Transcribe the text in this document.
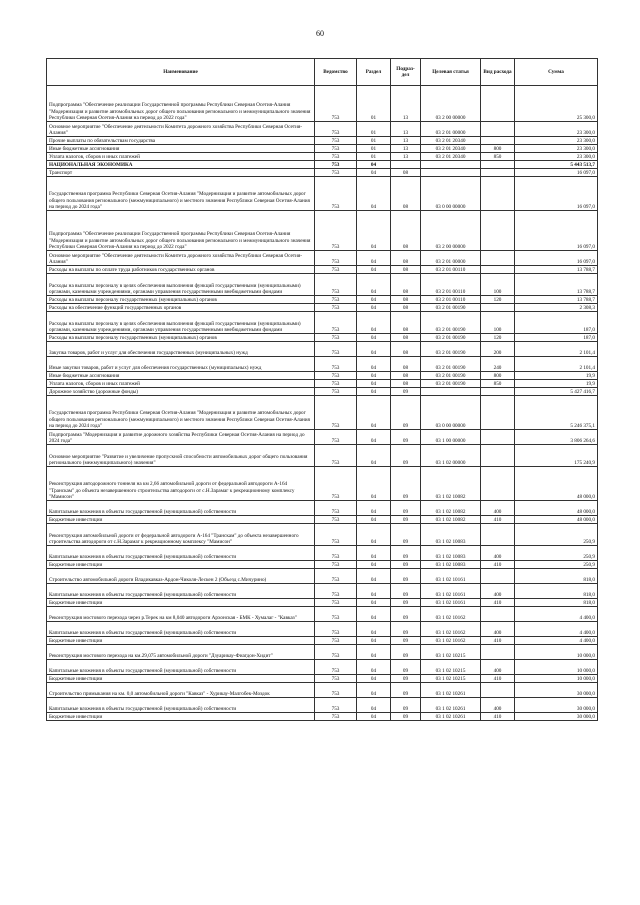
60
Наименование	Ведомство	Раздел	Подраз-дел	Целевая статья	Вид расхода	Сумма
Подпрограмма "Обеспечение реализации Государственной программы Республики Северная Осетия-Алания "Модернизация и развитие автомобильных дорог общего пользования регионального и межмуниципального значения Республики Северная Осетия-Алания на период до 2022 года"	753	01	13	03 2 00 00000		25 300,0
Основное мероприятие "Обеспечение деятельности Комитета дорожного хозяйства Республики Северная Осетия-Алания"	753	01	13	03 2 01 00000		23 300,0
Прочие выплаты по обязательствам государства	753	01	13	03 2 01 20340		23 300,0
Иные бюджетные ассигнования	753	01	13	03 2 01 20340	800	23 300,0
Уплата налогов, сборов и иных платежей	753	01	13	03 2 01 20340	850	23 300,0
НАЦИОНАЛЬНАЯ ЭКОНОМИКА	753	04				5 443 513,7
Транспорт	753	04	08			16 097,0
Государственная программа Республики Северная Осетия-Алания "Модернизация и развитие автомобильных дорог общего пользования регионального (межмуниципального) и местного значения Республики Северная Осетия-Алания на период до 2024 года"	753	04	08	03 0 00 00000		16 097,0
Подпрограмма "Обеспечение реализации Государственной программы Республики Северная Осетия-Алания "Модернизация и развитие автомобильных дорог общего пользования регионального и межмуниципального значения Республики Северная Осетия-Алания на период до 2022 года"	753	04	08	03 2 00 00000		16 097,0
Основное мероприятие "Обеспечение деятельности Комитета дорожного хозяйства Республики Северная Осетия-Алания"	753	04	08	03 2 01 00000		16 097,0
Расходы на выплаты по оплате труда работников государственных органов	753	04	08	03 2 01 00110		13 788,7
Расходы на выплаты персоналу в целях обеспечения выполнения функций государственными (муниципальными) органами, казенными учреждениями, органами управления государственными внебюджетными фондами	753	04	08	03 2 01 00110	100	13 788,7
Расходы на выплаты персоналу государственных (муниципальных) органов	753	04	08	03 2 01 00110	120	13 788,7
Расходы на обеспечение функций государственных органов	753	04	08	03 2 01 00190		2 308,3
Расходы на выплаты персоналу в целях обеспечения выполнения функций государственными (муниципальными) органами, казенными учреждениями, органами управления государственными внебюджетными фондами	753	04	08	03 2 01 00190	100	187,0
Расходы на выплаты персоналу государственных (муниципальных) органов	753	04	08	03 2 01 00190	120	187,0
Закупка товаров, работ и услуг для обеспечения государственных (муниципальных) нужд	753	04	08	03 2 01 00190	200	2 101,4
Иные закупки товаров, работ и услуг для обеспечения государственных (муниципальных) нужд	753	04	08	03 2 01 00190	240	2 101,4
Иные бюджетные ассигнования	753	04	08	03 2 01 00190	800	19,9
Уплата налогов, сборов и иных платежей	753	04	08	03 2 01 00190	850	19,9
Дорожное хозяйство (дорожные фонды)	753	04	09			5 427 416,7
Государственная программа Республики Северная Осетия-Алания "Модернизация и развитие автомобильных дорог общего пользования регионального (межмуниципального) и местного значения Республики Северная Осетия-Алания на период до 2024 года"	753	04	09	03 0 00 00000		5 246 375,1
Подпрограмма "Модернизация и развитие дорожного хозяйства Республики Северная Осетия-Алания на период до 2024 года"	753	04	09	03 1 00 00000		3 806 264,6
Основное мероприятие "Развитие и увеличение пропускной способности автомобильных дорог общего пользования регионального (межмуниципального) значения"	753	04	09	03 1 02 00000		175 240,9
Реконструкция автодорожного тоннеля на км 2,66 автомобильной дороги от федеральной автодороги А-164 "Транскам" до объекта незавершенного строительства автодороги от с.Н.Зарамаг к рекреационному комплексу "Мамисон"	753	04	09	03 1 02 10082		48 000,0
Капитальные вложения в объекты государственной (муниципальной) собственности	753	04	09	03 1 02 10082	400	48 000,0
Бюджетные инвестиции	753	04	09	03 1 02 10082	410	48 000,0
Реконструкция автомобильной дороги от федеральной автодороги А-164 "Транскам" до объекта незавершенного строительства автодороги от с.Н.Зарамаг к рекреационному комплексу "Мамисон"	753	04	09	03 1 02 10083		250,9
Капитальные вложения в объекты государственной (муниципальной) собственности	753	04	09	03 1 02 10083	400	250,9
Бюджетные инвестиции	753	04	09	03 1 02 10083	410	250,9
Строительство автомобильной дороги Владикавказ-Ардон-Чиколя-Лескен 2 (Объезд с.Мичурино)	753	04	09	03 1 02 10161		818,0
Капитальные вложения в объекты государственной (муниципальной) собственности	753	04	09	03 1 02 10161	400	818,0
Бюджетные инвестиции	753	04	09	03 1 02 10161	410	818,0
Реконструкция мостового перехода через р.Терек на км 8,040 автодороги Архонская - БМК - Хумалаг - "Кавказ"	753	04	09	03 1 02 10162		4 400,0
Капитальные вложения в объекты государственной (муниципальной) собственности	753	04	09	03 1 02 10162	400	4 400,0
Бюджетные инвестиции	753	04	09	03 1 02 10162	410	4 400,0
Реконструкция мостового перехода на км.29,075 автомобильной дороги "Дзуарикау-Фиагдон-Хидит"	753	04	09	03 1 02 10215		10 000,0
Капитальные вложения в объекты государственной (муниципальной) собственности	753	04	09	03 1 02 10215	400	10 000,0
Бюджетные инвестиции	753	04	09	03 1 02 10215	410	10 000,0
Строительство примыкания на км. 0,0 автомобильной дороги "Кавказ" - Хурикау-Малгобек-Моздок	753	04	09	03 1 02 10261		30 000,0
Капитальные вложения в объекты государственной (муниципальной) собственности	753	04	09	03 1 02 10261	400	30 000,0
Бюджетные инвестиции	753	04	09	03 1 02 10261	410	30 000,0
